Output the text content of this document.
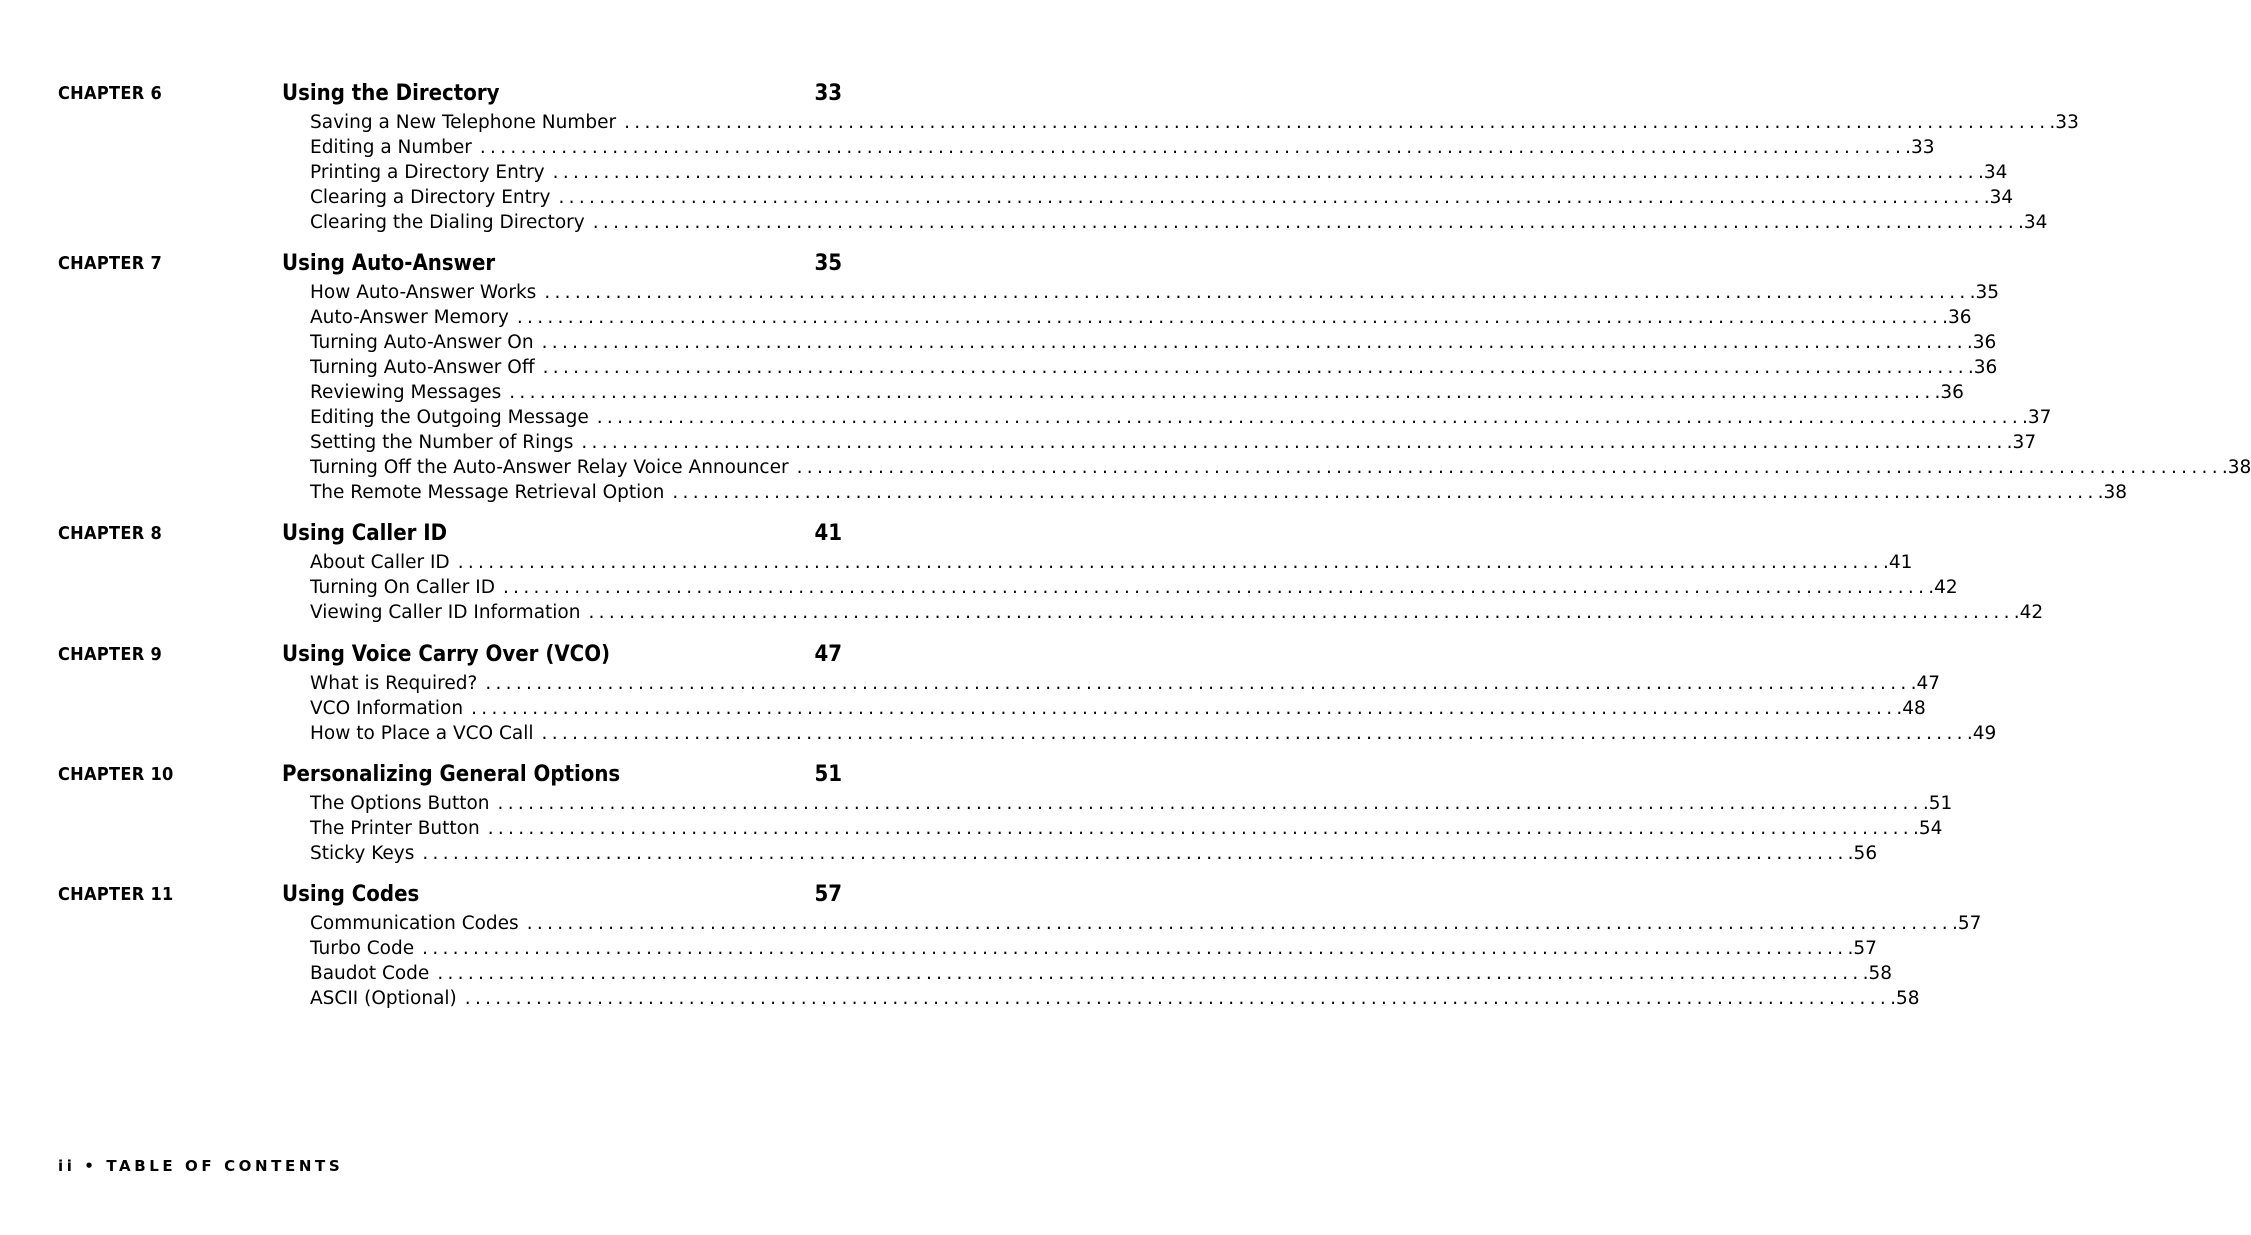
CHAPTER 6	Using the Directory	33
Saving a New Telephone Number ............................................................................................................................................ .33
Editing a Number ............................................................................................................................................ .33
Printing a Directory Entry ............................................................................................................................................ .34
Clearing a Directory Entry ............................................................................................................................................ .34
Clearing the Dialing Directory ............................................................................................................................................ .34
CHAPTER 7	Using Auto-Answer	35
How Auto-Answer Works ............................................................................................................................................ .35
Auto-Answer Memory ............................................................................................................................................ .36
Turning Auto-Answer On ............................................................................................................................................ .36
Turning Auto-Answer Off ............................................................................................................................................ .36
Reviewing Messages ............................................................................................................................................ .36
Editing the Outgoing Message ............................................................................................................................................ .37
Setting the Number of Rings ............................................................................................................................................ .37
Turning Off the Auto-Answer Relay Voice Announcer ............................................................................................................................................ .38
The Remote Message Retrieval Option ............................................................................................................................................ .38
CHAPTER 8	Using Caller ID	41
About Caller ID ............................................................................................................................................ .41
Turning On Caller ID ............................................................................................................................................ .42
Viewing Caller ID Information ............................................................................................................................................ .42
CHAPTER 9	Using Voice Carry Over (VCO)	47
What is Required? ............................................................................................................................................ .47
VCO Information ............................................................................................................................................ .48
How to Place a VCO Call ............................................................................................................................................ .49
CHAPTER 10	Personalizing General Options	51
The Options Button ............................................................................................................................................ .51
The Printer Button ............................................................................................................................................ .54
Sticky Keys ............................................................................................................................................ .56
CHAPTER 11	Using Codes	57
Communication Codes ............................................................................................................................................ .57
Turbo Code ............................................................................................................................................ .57
Baudot Code ............................................................................................................................................ .58
ASCII (Optional) ............................................................................................................................................ .58
ii • TABLE OF CONTENTS
